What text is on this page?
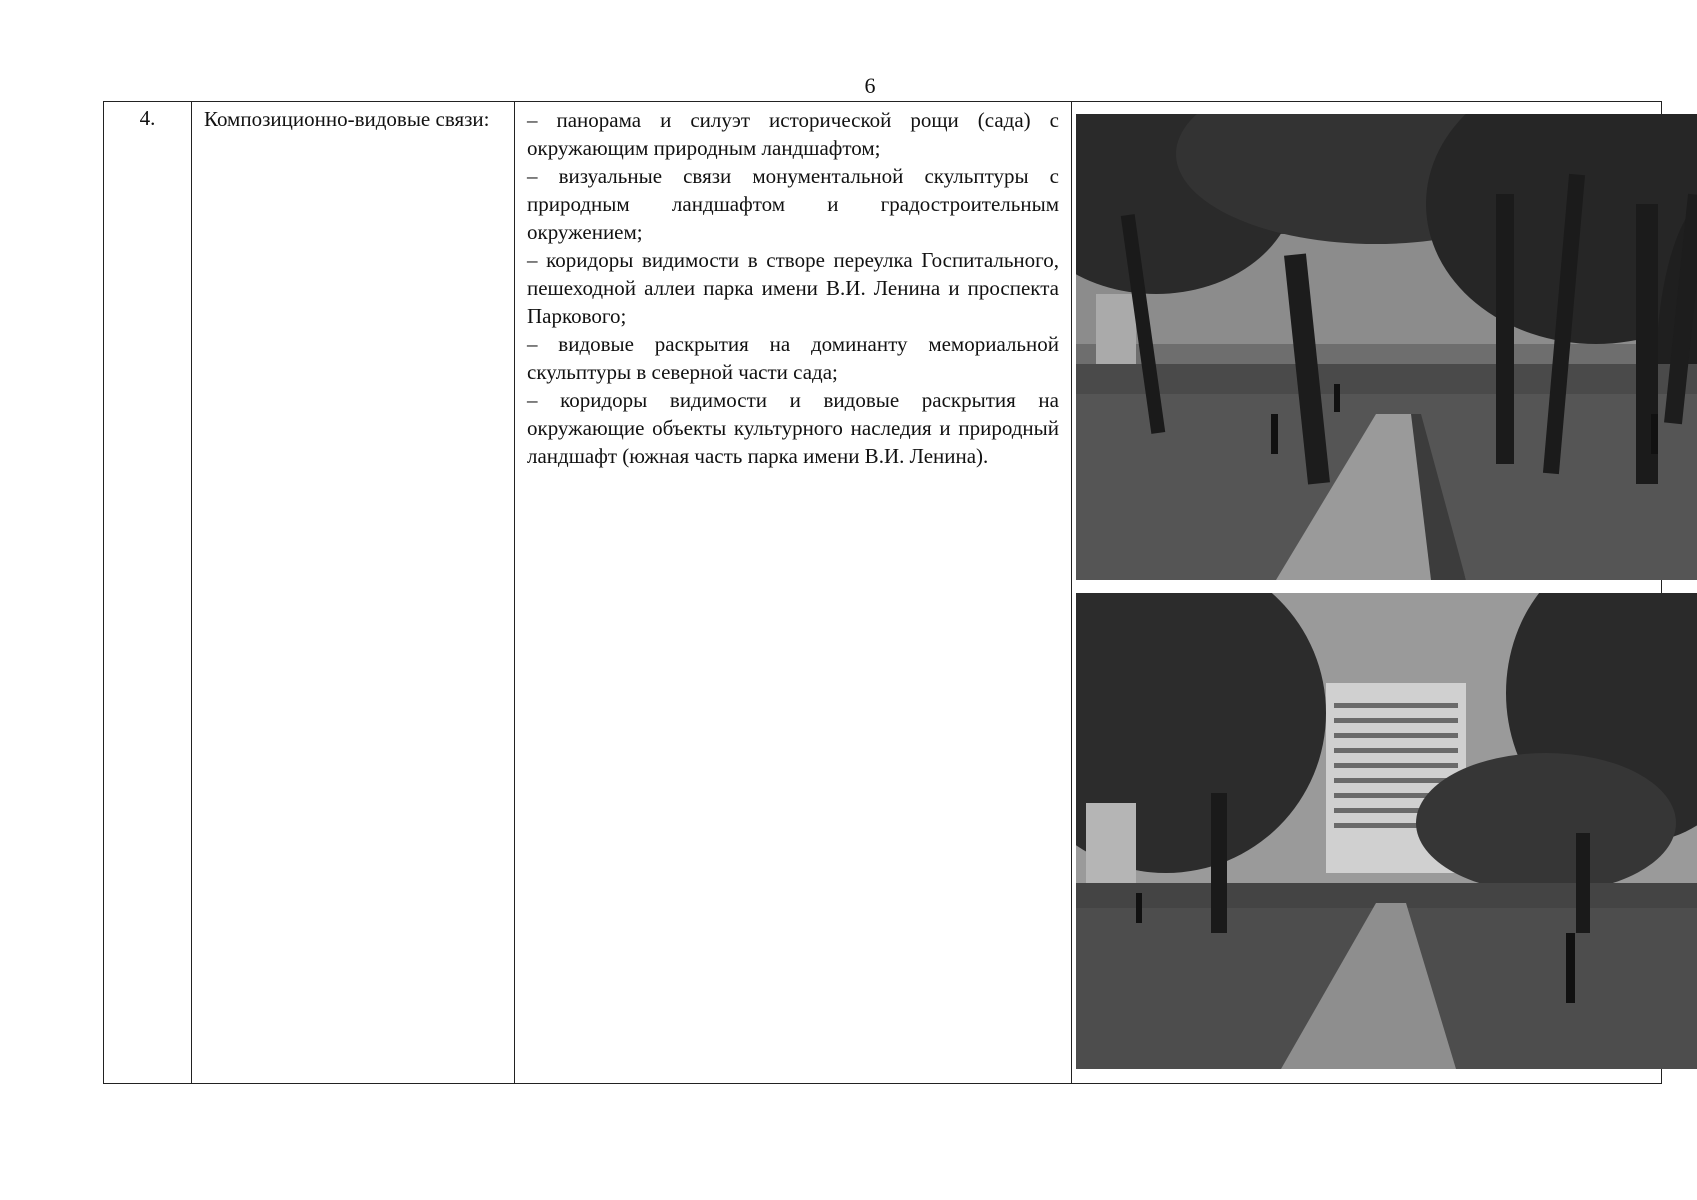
6
4.	Композиционно-видовые связи:	– панорама и силуэт исторической рощи (сада) с окружающим природным ландшафтом;

– визуальные связи монументальной скульптуры с природным ландшафтом и градостроительным окружением;

– коридоры видимости в створе переулка Госпитального, пешеходной аллеи парка имени В.И. Ленина и проспекта Паркового;

– видовые раскрытия на доминанту мемориальной скульптуры в северной части сада;

– коридоры видимости и видовые раскрытия на окружающие объекты культурного наследия и природный ландшафт (южная часть парка имени В.И. Ленина).
